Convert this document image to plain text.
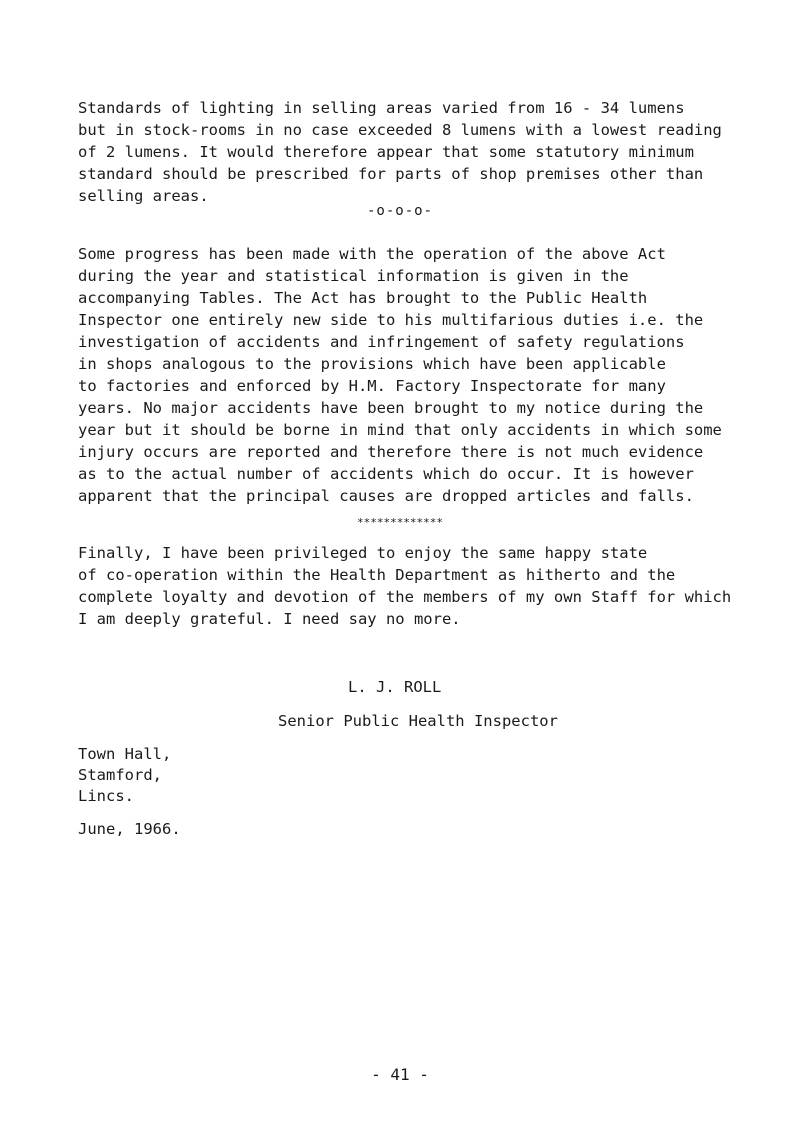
Standards of lighting in selling areas varied from 16 - 34 lumens
but in stock-rooms in no case exceeded 8 lumens with a lowest reading
of 2 lumens. It would therefore appear that some statutory minimum
standard should be prescribed for parts of shop premises other than
selling areas.
-o-o-o-
Some progress has been made with the operation of the above Act
during the year and statistical information is given in the
accompanying Tables. The Act has brought to the Public Health
Inspector one entirely new side to his multifarious duties i.e. the
investigation of accidents and infringement of safety regulations
in shops analogous to the provisions which have been applicable
to factories and enforced by H.M. Factory Inspectorate for many
years. No major accidents have been brought to my notice during the
year but it should be borne in mind that only accidents in which some
injury occurs are reported and therefore there is not much evidence
as to the actual number of accidents which do occur. It is however
apparent that the principal causes are dropped articles and falls.
*************
Finally, I have been privileged to enjoy the same happy state
of co-operation within the Health Department as hitherto and the
complete loyalty and devotion of the members of my own Staff for which
I am deeply grateful. I need say no more.
L. J. ROLL
Senior Public Health Inspector
Town Hall,
Stamford,
Lincs.
June, 1966.
- 41 -
